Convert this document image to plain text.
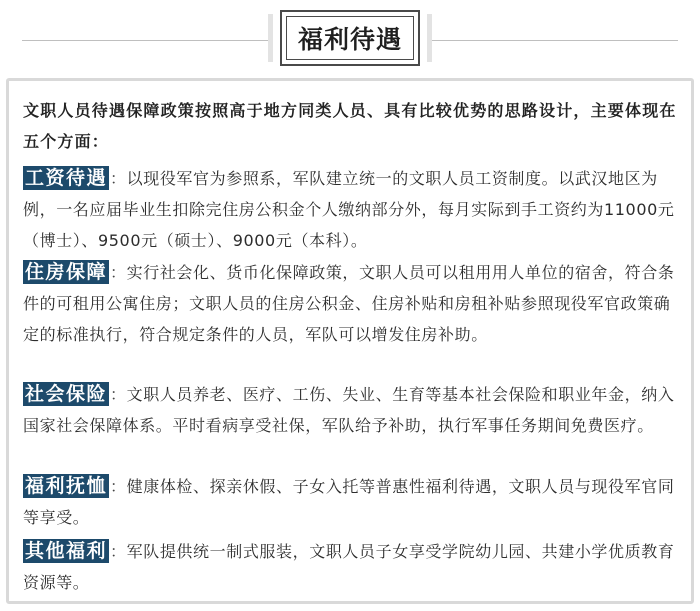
福利待遇

文职人员待遇保障政策按照高于地方同类人员、具有比较优势的思路设计，主要体现在五个方面：

工资待遇 ：以现役军官为参照系，军队建立统一的文职人员工资制度。以武汉地区为例，一名应届毕业生扣除完住房公积金个人缴纳部分外，每月实际到手工资约为11000元（博士）、9500元（硕士）、9000元（本科）。

住房保障 ：实行社会化、货币化保障政策，文职人员可以租用用人单位的宿舍，符合条件的可租用公寓住房；文职人员的住房公积金、住房补贴和房租补贴参照现役军官政策确定的标准执行，符合规定条件的人员，军队可以增发住房补助。

社会保险 ：文职人员养老、医疗、工伤、失业、生育等基本社会保险和职业年金，纳入国家社会保障体系。平时看病享受社保，军队给予补助，执行军事任务期间免费医疗。

福利抚恤 ：健康体检、探亲休假、子女入托等普惠性福利待遇，文职人员与现役军官同等享受。

其他福利 ：军队提供统一制式服装，文职人员子女享受学院幼儿园、共建小学优质教育资源等。
